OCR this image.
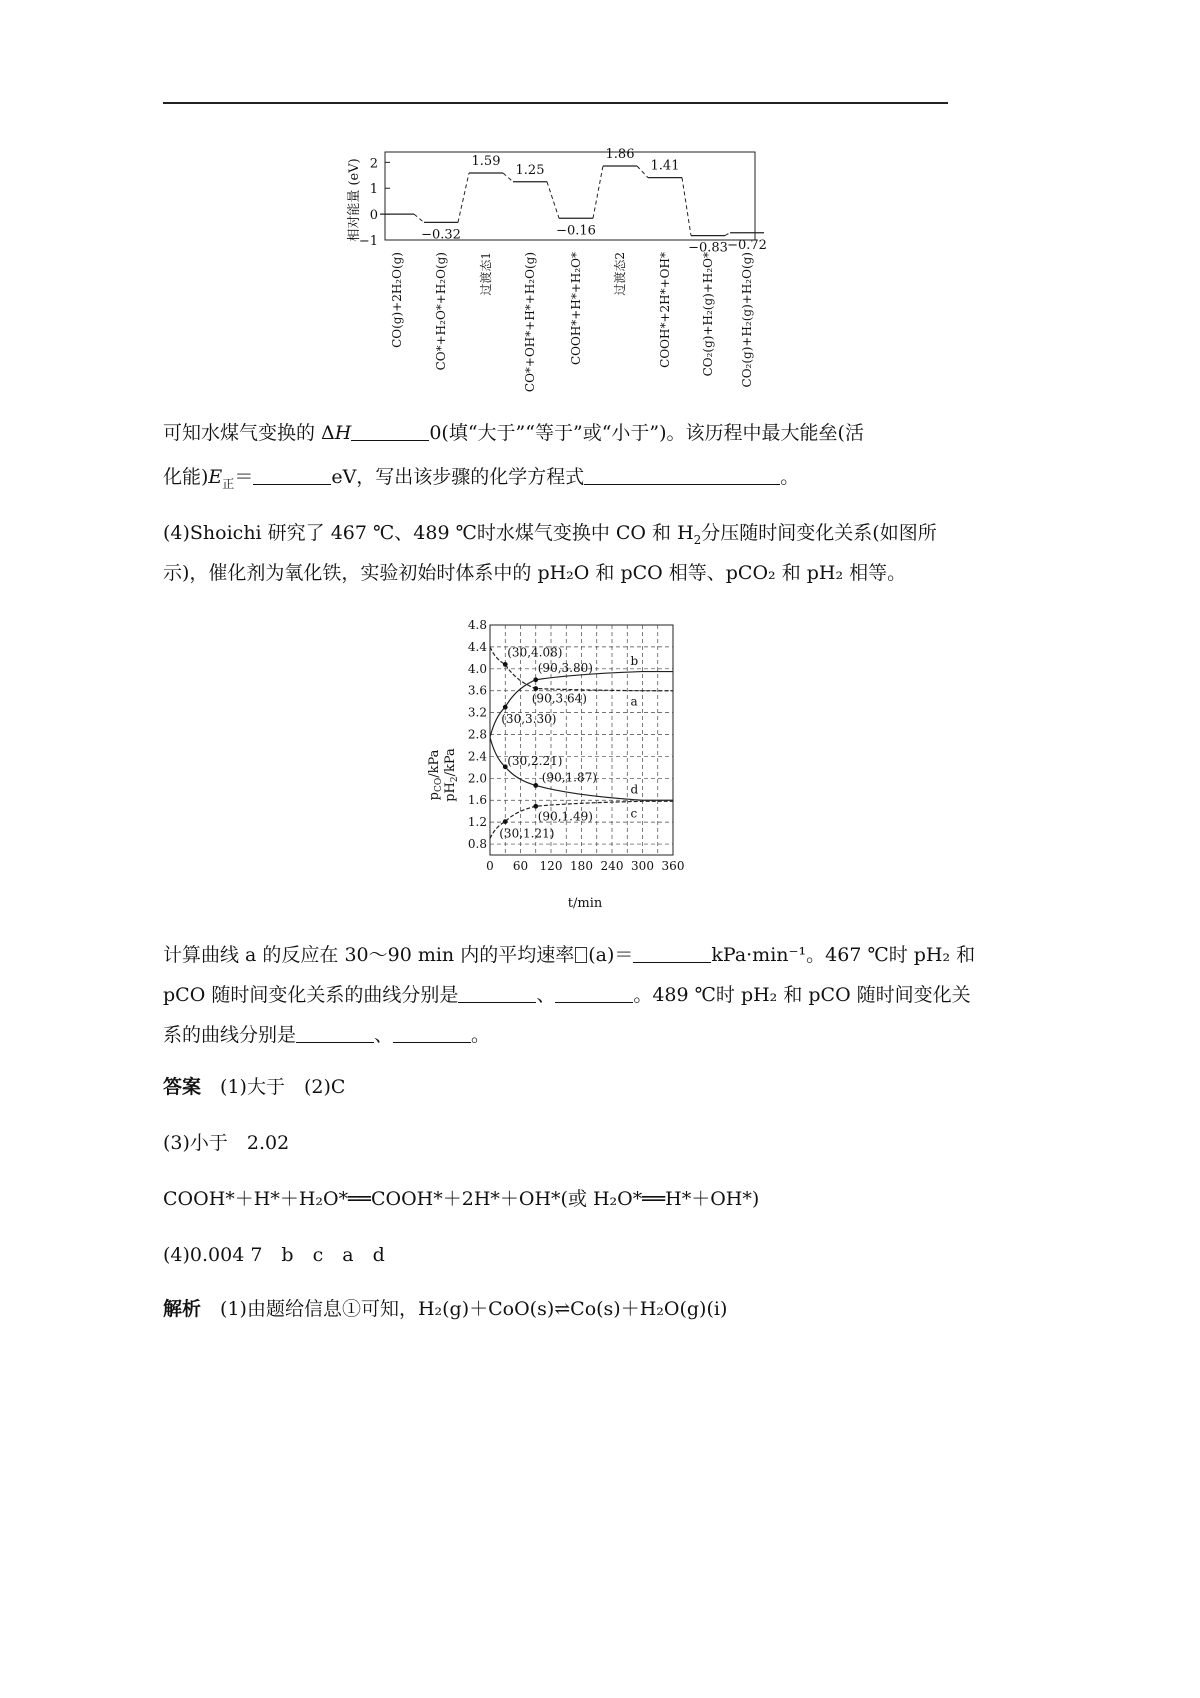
2
1
0
−1	−0.32
1.59
1.25
−0.16
1.86
1.41
−0.83 −0.72
CO(g)+2H₂O(g)	CO*+H₂O*+H₂O(g)	过渡态1	CO*+OH*+H*+H₂O(g)	COOH*+H*+H₂O*	过渡态2	COOH*+2H*+OH* CO₂(g)+H₂(g)+H₂O* CO₂(g)+H₂(g)+H₂O(g)
相对能量 (eV)
可知水煤气变换的 ΔH	0(填“大于”“等于”或“小于”)。该历程中最大能垒(活
化能)$E_正=$	eV，写出该步骤的化学方程式	。
(4)Shoichi 研究了 467 ℃、489 ℃时水煤气变换中 CO 和 $H_2$分压随时间变化关系(如图所
示)，催化剂为氧化铁，实验初始时体系中的 pH₂O 和 pCO 相等、pCO₂ 和 pH₂ 相等。
0.8
1.2
1.6
2.0
2.4
2.8
3.2
3.6
4.0
4.4
4.8
0 60 120 180 240 300 360
(30,4.08)
(90,3.80)
(90,3.64)
(30,3.30)
(30,2.21)
(90,1.87)
(90,1.49)
(30,1.21)
a
b
c
d
$p_{CO}$/kPa
$pH_2$/kPa
t/min
计算曲线 a 的反应在 30～90 min 内的平均速率 (a)＝	kPa·min⁻¹。467 ℃时 pH₂ 和
pCO 随时间变化关系的曲线分别是	、	。489 ℃时 pH₂ 和 pCO 随时间变化关
系的曲线分别是	、	。
答案　 (1)大于　(2)C
(3)小于　2.02
COOH*＋H*＋H₂O*══COOH*＋2H*＋OH*(或 H₂O*══H*＋OH*)
(4)0.004 7　b　c　a　d
解析　 (1)由题给信息①可知，H₂(g)＋CoO(s)⇌Co(s)＋H₂O(g)(i)
